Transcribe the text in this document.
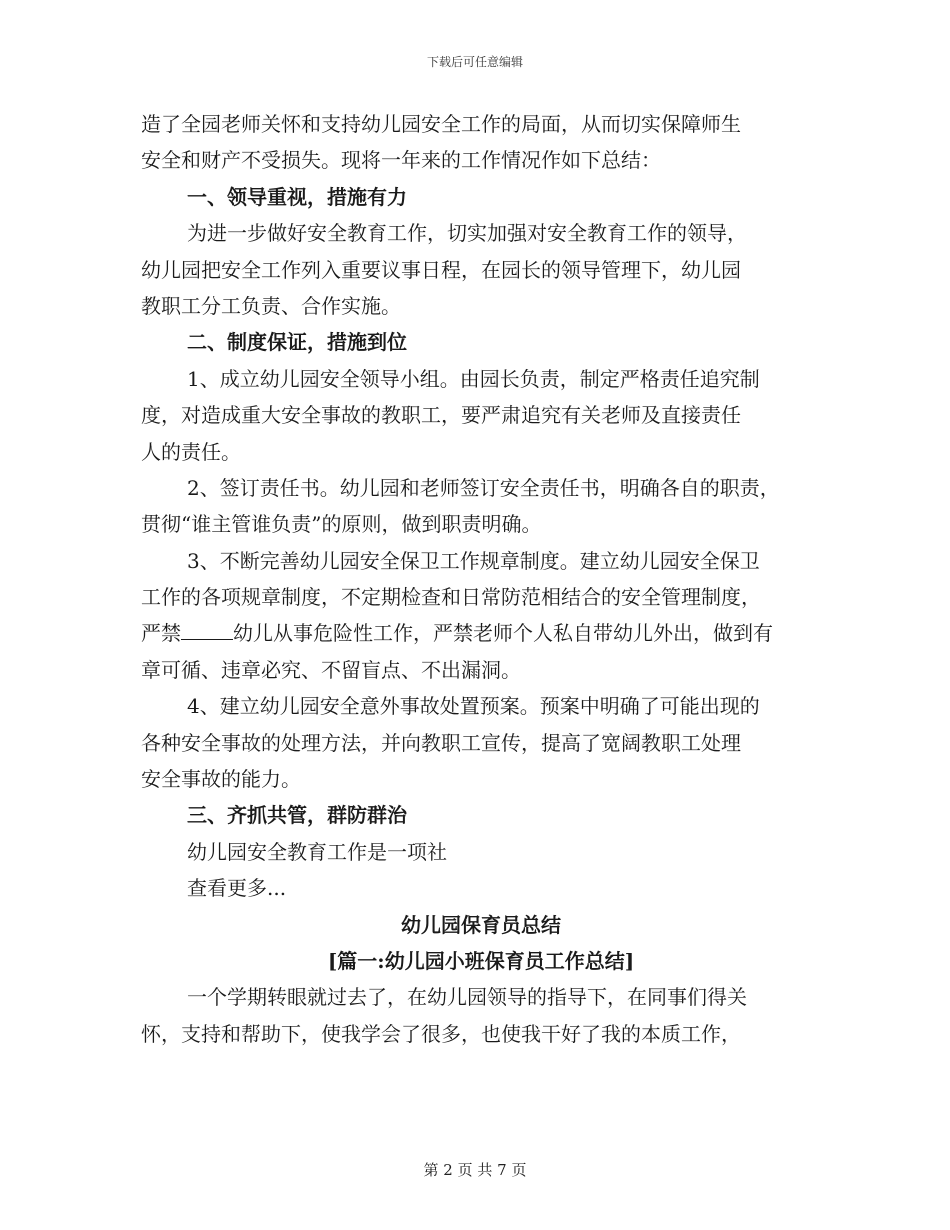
下载后可任意编辑
造了全园老师关怀和支持幼儿园安全工作的局面，从而切实保障师生
安全和财产不受损失。现将一年来的工作情况作如下总结：
一、领导重视，措施有力
为进一步做好安全教育工作，切实加强对安全教育工作的领导，
幼儿园把安全工作列入重要议事日程，在园长的领导管理下，幼儿园
教职工分工负责、合作实施。
二、制度保证，措施到位
1、成立幼儿园安全领导小组。由园长负责，制定严格责任追究制
度，对造成重大安全事故的教职工，要严肃追究有关老师及直接责任
人的责任。
2、签订责任书。幼儿园和老师签订安全责任书，明确各自的职责，
贯彻“谁主管谁负责”的原则，做到职责明确。
3、不断完善幼儿园安全保卫工作规章制度。建立幼儿园安全保卫
工作的各项规章制度，不定期检查和日常防范相结合的安全管理制度，
严禁	幼儿从事危险性工作，严禁老师个人私自带幼儿外出，做到有
章可循、违章必究、不留盲点、不出漏洞。
4、建立幼儿园安全意外事故处置预案。预案中明确了可能出现的
各种安全事故的处理方法，并向教职工宣传，提高了宽阔教职工处理
安全事故的能力。
三、齐抓共管，群防群治
幼儿园安全教育工作是一项社
查看更多...
幼儿园保育员总结
[篇一:幼儿园小班保育员工作总结]
一个学期转眼就过去了，在幼儿园领导的指导下，在同事们得关
怀，支持和帮助下，使我学会了很多，也使我干好了我的本质工作，
第 2 页 共 7 页
